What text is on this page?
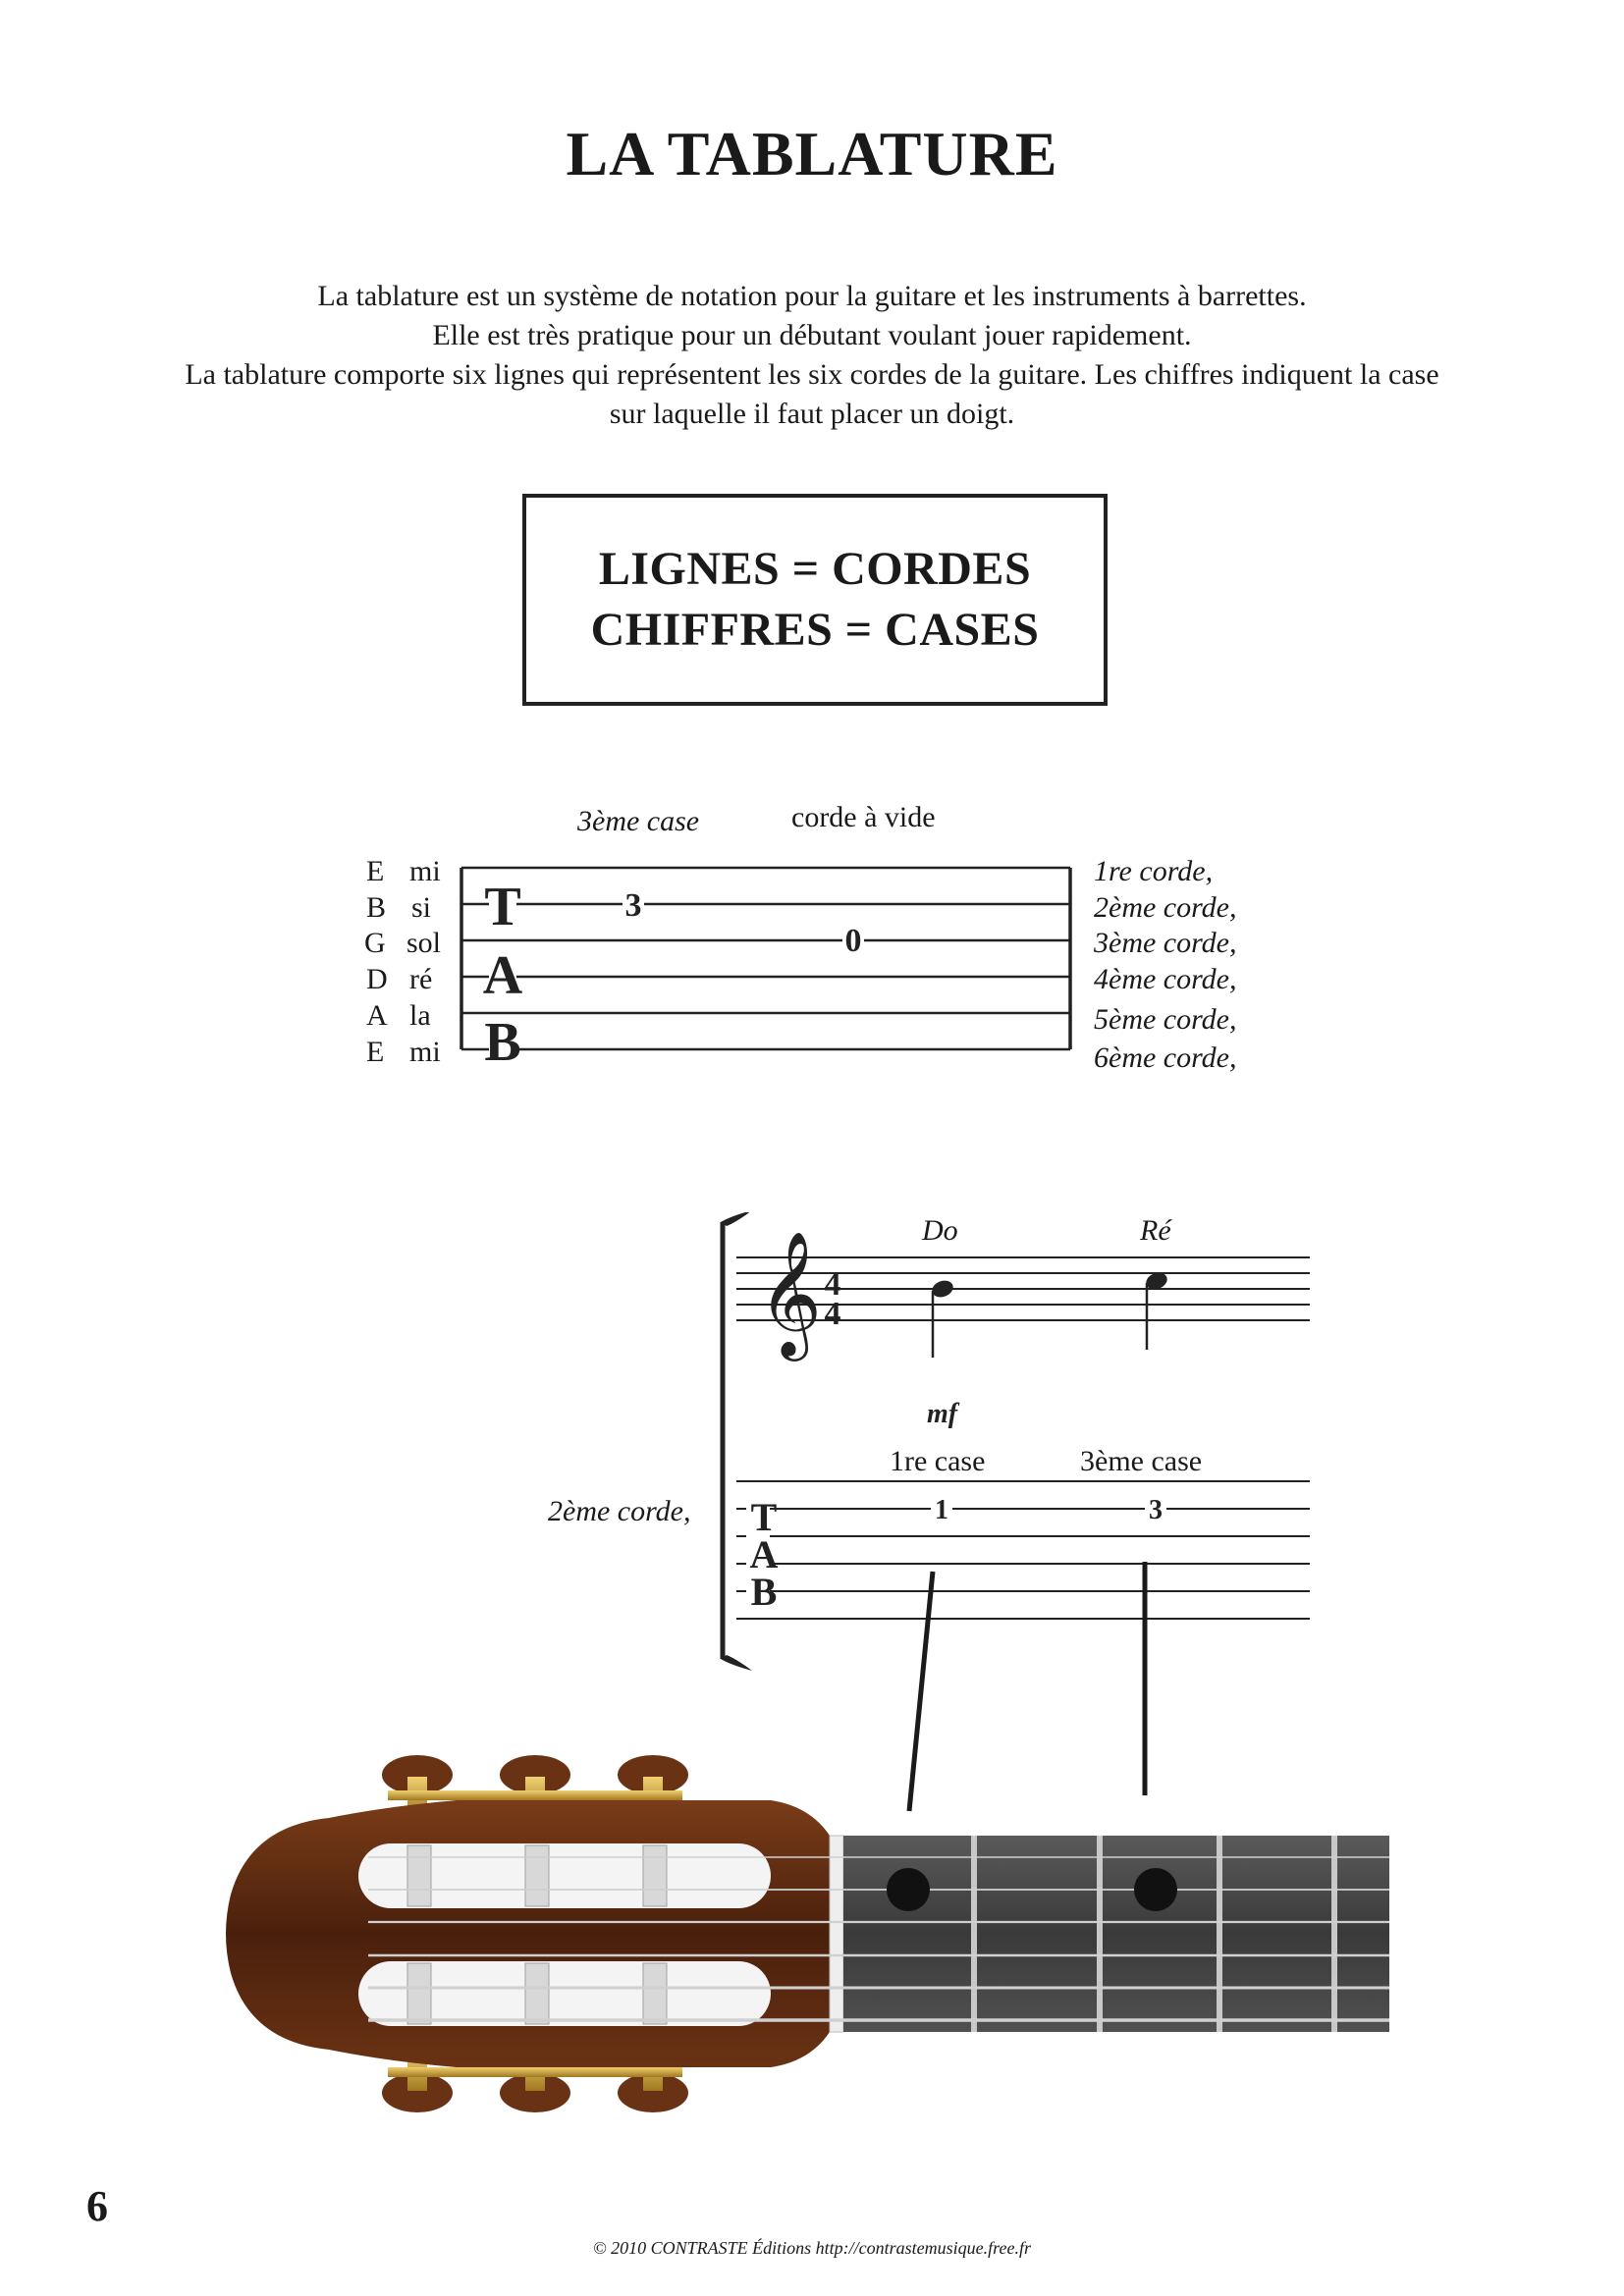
LA TABLATURE
La tablature est un système de notation pour la guitare et les instruments à barrettes.
Elle est très pratique pour un débutant voulant jouer rapidement.
La tablature comporte six lignes qui représentent les six cordes de la guitare. Les chiffres indiquent la case
sur laquelle il faut placer un doigt.
LIGNES = CORDES
CHIFFRES = CASES
3ème case	corde à vide
E mi
B si
G sol
D ré
A la
E mi
T
A
B
3
0
1re corde,
2ème corde,
3ème corde,
4ème corde,
5ème corde,
6ème corde,
Do	Ré
1re case	3ème case
2ème corde,
𝄞 4
4
mf
T
A
B
1	3
6
© 2010 CONTRASTE Éditions http://contrastemusique.free.fr
